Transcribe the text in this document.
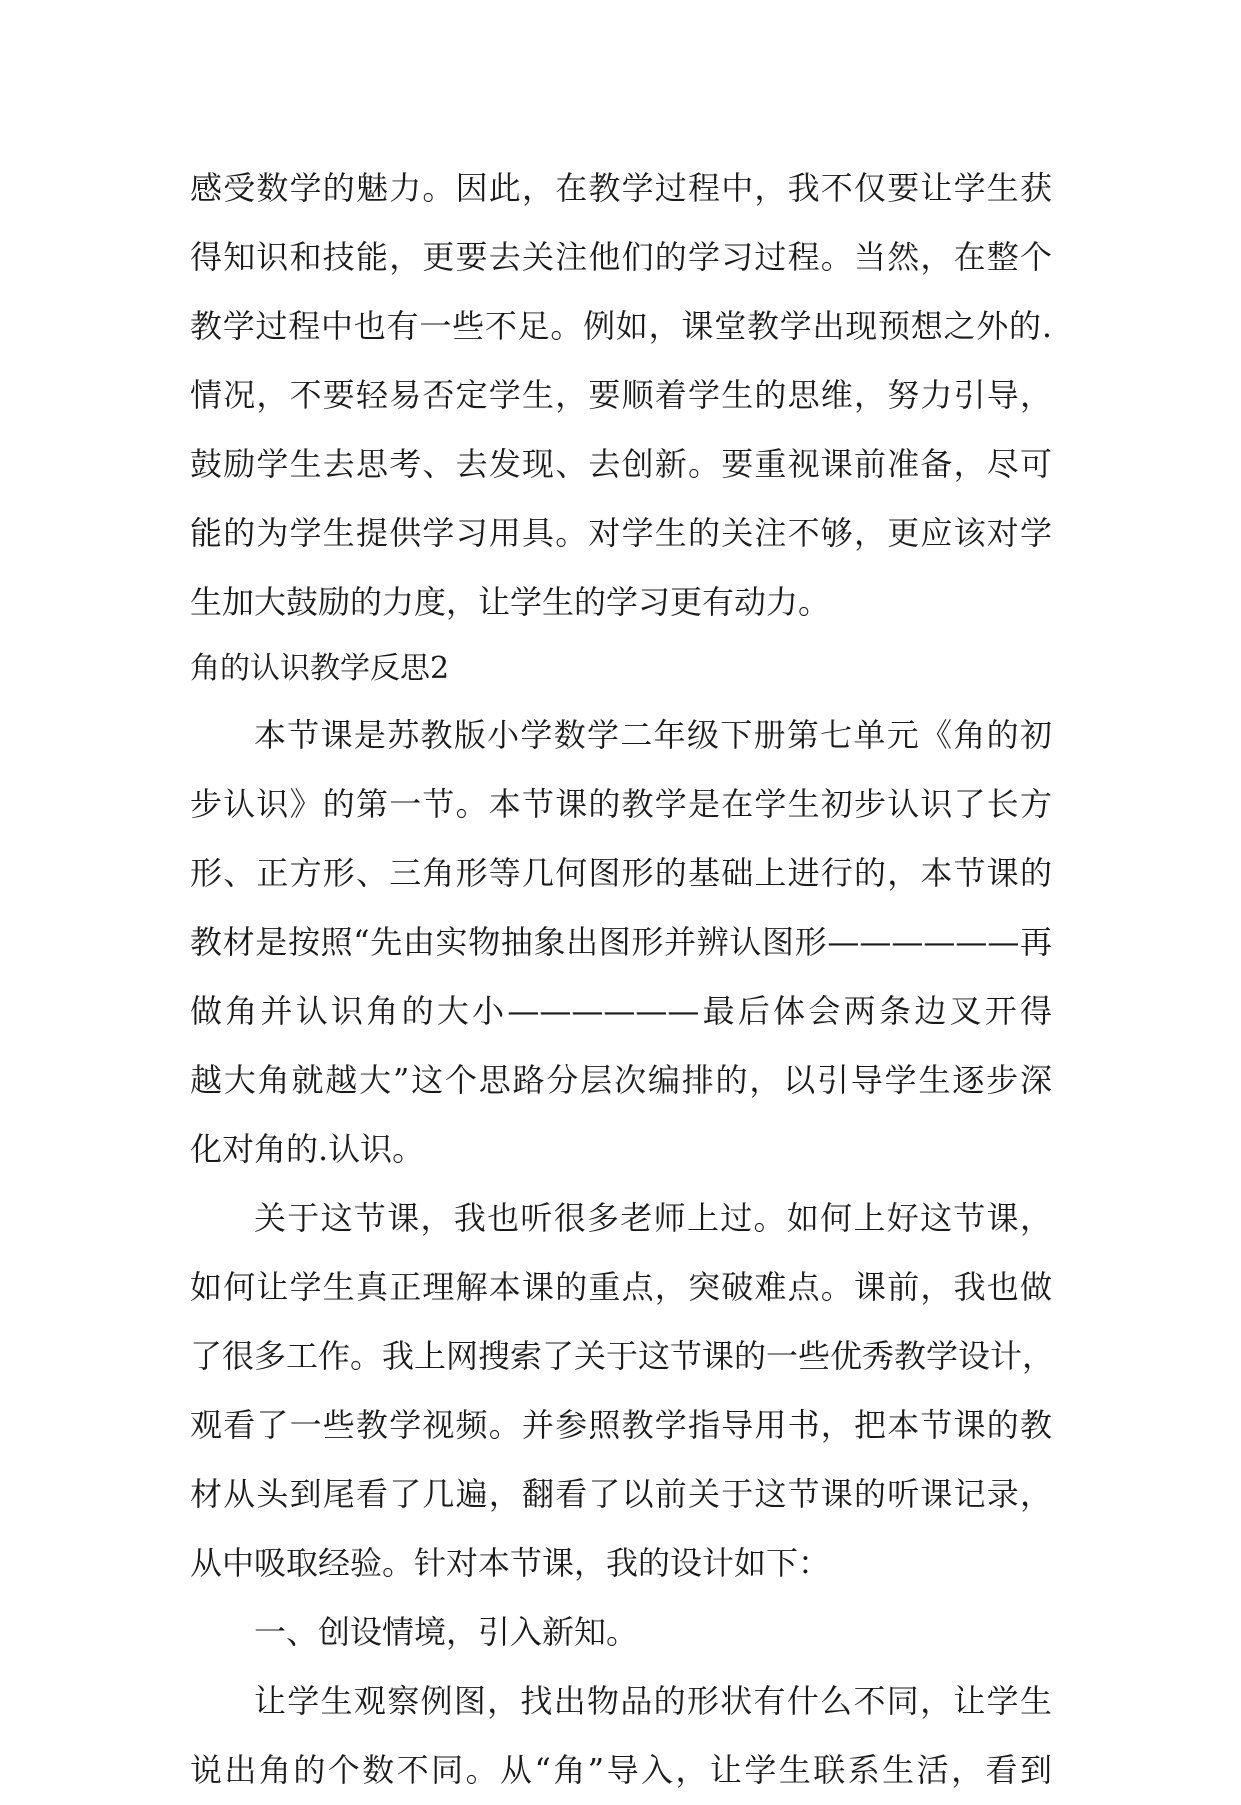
感受数学的魅力。因此，在教学过程中，我不仅要让学生获
得知识和技能，更要去关注他们的学习过程。当然，在整个
教学过程中也有一些不足。例如，课堂教学出现预想之外的.
情况，不要轻易否定学生，要顺着学生的思维，努力引导，
鼓励学生去思考、去发现、去创新。要重视课前准备，尽可
能的为学生提供学习用具。对学生的关注不够，更应该对学
生加大鼓励的力度，让学生的学习更有动力。
角的认识教学反思2
本节课是苏教版小学数学二年级下册第七单元《角的初
步认识》的第一节。本节课的教学是在学生初步认识了长方
形、正方形、三角形等几何图形的基础上进行的，本节课的
教材是按照“先由实物抽象出图形并辨认图形——————再
做角并认识角的大小——————最后体会两条边叉开得
越大角就越大”这个思路分层次编排的，以引导学生逐步深
化对角的.认识。
关于这节课，我也听很多老师上过。如何上好这节课，
如何让学生真正理解本课的重点，突破难点。课前，我也做
了很多工作。我上网搜索了关于这节课的一些优秀教学设计，
观看了一些教学视频。并参照教学指导用书，把本节课的教
材从头到尾看了几遍，翻看了以前关于这节课的听课记录，
从中吸取经验。针对本节课，我的设计如下：
一、创设情境，引入新知。
让学生观察例图，找出物品的形状有什么不同，让学生
说出角的个数不同。从“角”导入，让学生联系生活，看到
